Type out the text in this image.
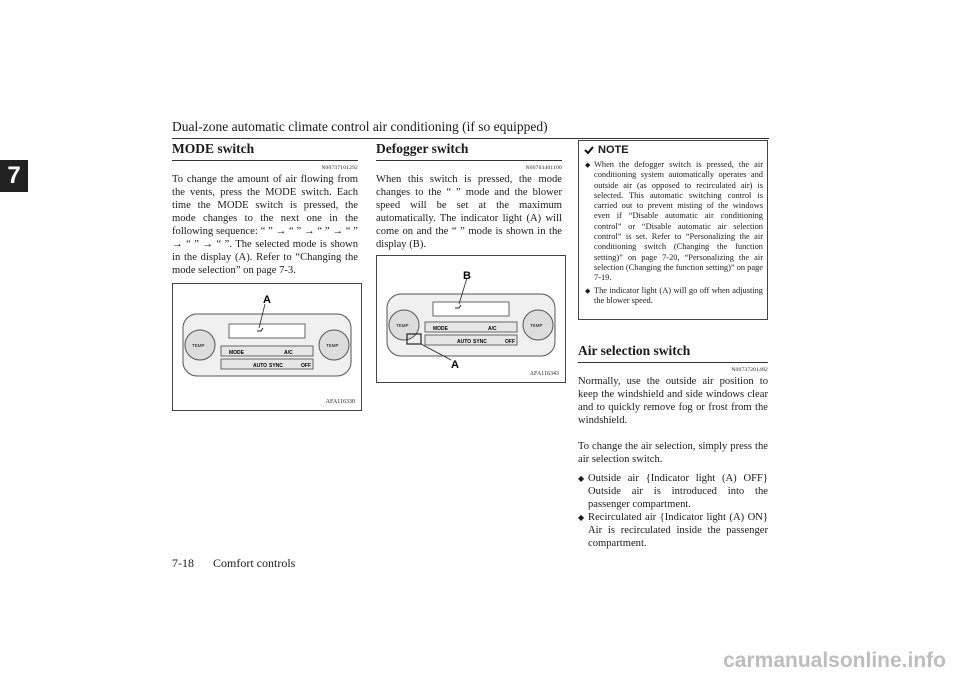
Dual-zone automatic climate control air conditioning (if so equipped)
7
MODE switch
N00737101292

To change the amount of air flowing from the vents, press the MODE switch. Each time the MODE switch is pressed, the mode changes to the next one in the following sequence: “ ” → “ ” → “ ” → “ ” → “ ” → “ ”. The selected mode is shown in the display (A). Refer to “Changing the mode selection” on page 7-3.

MODE	A/C
AUTO SYNC	OFF
TEMP	TEMP
A
AFA116330
Defogger switch
N00703401100

When this switch is pressed, the mode changes to the “ ” mode and the blower speed will be set at the maximum automatically. The indicator light (A) will come on and the “ ” mode is shown in the display (B).

MODE	A/C
AUTO SYNC	OFF
TEMP	TEMP
B
A
AFA116343
NOTE
◆ When the defogger switch is pressed, the air conditioning system automatically operates and outside air (as opposed to recirculated air) is selected. This automatic switching control is carried out to prevent misting of the windows even if “Disable automatic air conditioning control” or “Disable automatic air selection control” is set. Refer to “Personalizing the air conditioning switch (Changing the function setting)” on page 7-20, “Personalizing the air selection (Changing the function setting)” on page 7-19.
◆ The indicator light (A) will go off when adjusting the blower speed.
Air selection switch
N00737201482

Normally, use the outside air position to keep the windshield and side windows clear and to quickly remove fog or frost from the windshield.

To change the air selection, simply press the air selection switch.

◆ Outside air {Indicator light (A) OFF} Outside air is introduced into the passenger compartment.
◆ Recirculated air {Indicator light (A) ON} Air is recirculated inside the passenger compartment.
7-18 Comfort controls
carmanualsonline.info
